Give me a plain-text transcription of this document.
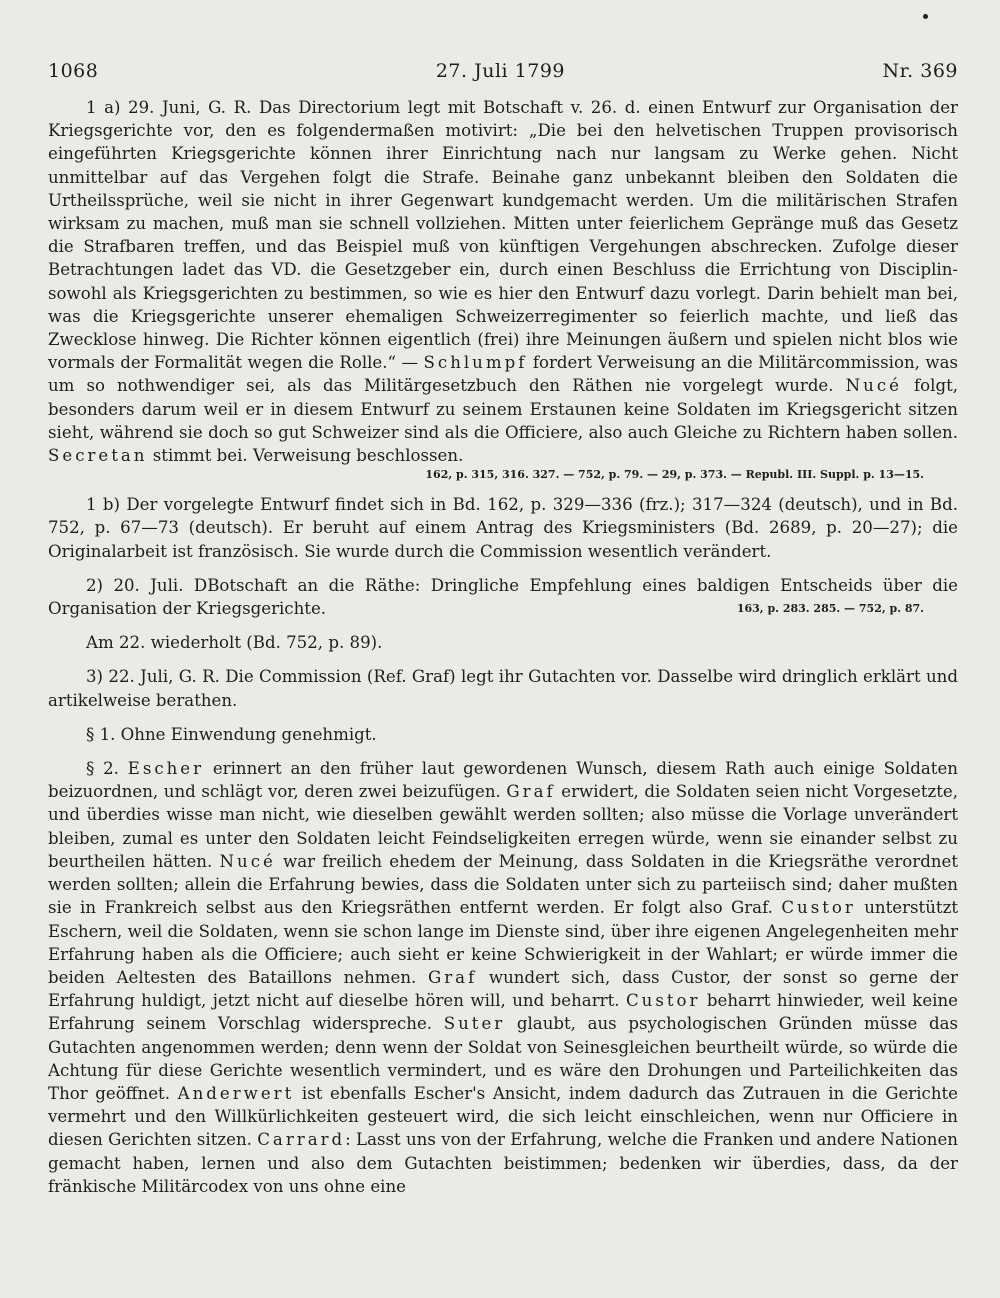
1068	27. Juli 1799	Nr. 369

1 a) 29. Juni, G. R. Das Directorium legt mit Botschaft v. 26. d. einen Entwurf zur Organisation der Kriegsgerichte vor, den es folgendermaßen motivirt: „Die bei den helvetischen Truppen provisorisch eingeführten Kriegsgerichte können ihrer Einrichtung nach nur langsam zu Werke gehen. Nicht unmittelbar auf das Vergehen folgt die Strafe. Beinahe ganz unbekannt bleiben den Soldaten die Urtheilssprüche, weil sie nicht in ihrer Gegenwart kundgemacht werden. Um die militärischen Strafen wirksam zu machen, muß man sie schnell vollziehen. Mitten unter feierlichem Gepränge muß das Gesetz die Strafbaren treffen, und das Beispiel muß von künftigen Vergehungen abschrecken. Zufolge dieser Betrachtungen ladet das VD. die Gesetzgeber ein, durch einen Beschluss die Errichtung von Disciplin- sowohl als Kriegsgerichten zu bestimmen, so wie es hier den Entwurf dazu vorlegt. Darin behielt man bei, was die Kriegsgerichte unserer ehemaligen Schweizerregimenter so feierlich machte, und ließ das Zwecklose hinweg. Die Richter können eigentlich (frei) ihre Meinungen äußern und spielen nicht blos wie vormals der Formalität wegen die Rolle.“ — Schlumpf fordert Verweisung an die Militärcommission, was um so nothwendiger sei, als das Militärgesetzbuch den Räthen nie vorgelegt wurde. Nucé folgt, besonders darum weil er in diesem Entwurf zu seinem Erstaunen keine Soldaten im Kriegsgericht sitzen sieht, während sie doch so gut Schweizer sind als die Officiere, also auch Gleiche zu Richtern haben sollen. Secretan stimmt bei. Verweisung beschlossen.

162, p. 315, 316. 327. — 752, p. 79. — 29, p. 373. — Republ. III. Suppl. p. 13—15.

1 b) Der vorgelegte Entwurf findet sich in Bd. 162, p. 329—336 (frz.); 317—324 (deutsch), und in Bd. 752, p. 67—73 (deutsch). Er beruht auf einem Antrag des Kriegsministers (Bd. 2689, p. 20—27); die Originalarbeit ist französisch. Sie wurde durch die Commission wesentlich verändert.

2) 20. Juli. DBotschaft an die Räthe: Dringliche Empfehlung eines baldigen Entscheids über die Organisation der Kriegsgerichte.	163, p. 283. 285. — 752, p. 87.

Am 22. wiederholt (Bd. 752, p. 89).

3) 22. Juli, G. R. Die Commission (Ref. Graf) legt ihr Gutachten vor. Dasselbe wird dringlich erklärt und artikelweise berathen.

§ 1. Ohne Einwendung genehmigt.

§ 2. Escher erinnert an den früher laut gewordenen Wunsch, diesem Rath auch einige Soldaten beizuordnen, und schlägt vor, deren zwei beizufügen. Graf erwidert, die Soldaten seien nicht Vorgesetzte, und überdies wisse man nicht, wie dieselben gewählt werden sollten; also müsse die Vorlage unverändert bleiben, zumal es unter den Soldaten leicht Feindseligkeiten erregen würde, wenn sie einander selbst zu beurtheilen hätten. Nucé war freilich ehedem der Meinung, dass Soldaten in die Kriegsräthe verordnet werden sollten; allein die Erfahrung bewies, dass die Soldaten unter sich zu parteiisch sind; daher mußten sie in Frankreich selbst aus den Kriegsräthen entfernt werden. Er folgt also Graf. Custor unterstützt Eschern, weil die Soldaten, wenn sie schon lange im Dienste sind, über ihre eigenen Angelegenheiten mehr Erfahrung haben als die Officiere; auch sieht er keine Schwierigkeit in der Wahlart; er würde immer die beiden Aeltesten des Bataillons nehmen. Graf wundert sich, dass Custor, der sonst so gerne der Erfahrung huldigt, jetzt nicht auf dieselbe hören will, und beharrt. Custor beharrt hinwieder, weil keine Erfahrung seinem Vorschlag widerspreche. Suter glaubt, aus psychologischen Gründen müsse das Gutachten angenommen werden; denn wenn der Soldat von Seinesgleichen beurtheilt würde, so würde die Achtung für diese Gerichte wesentlich vermindert, und es wäre den Drohungen und Parteilichkeiten das Thor geöffnet. Anderwert ist ebenfalls Escher's Ansicht, indem dadurch das Zutrauen in die Gerichte vermehrt und den Willkürlichkeiten gesteuert wird, die sich leicht einschleichen, wenn nur Officiere in diesen Gerichten sitzen. Carrard: Lasst uns von der Erfahrung, welche die Franken und andere Nationen gemacht haben, lernen und also dem Gutachten beistimmen; bedenken wir überdies, dass, da der fränkische Militärcodex von uns ohne eine
